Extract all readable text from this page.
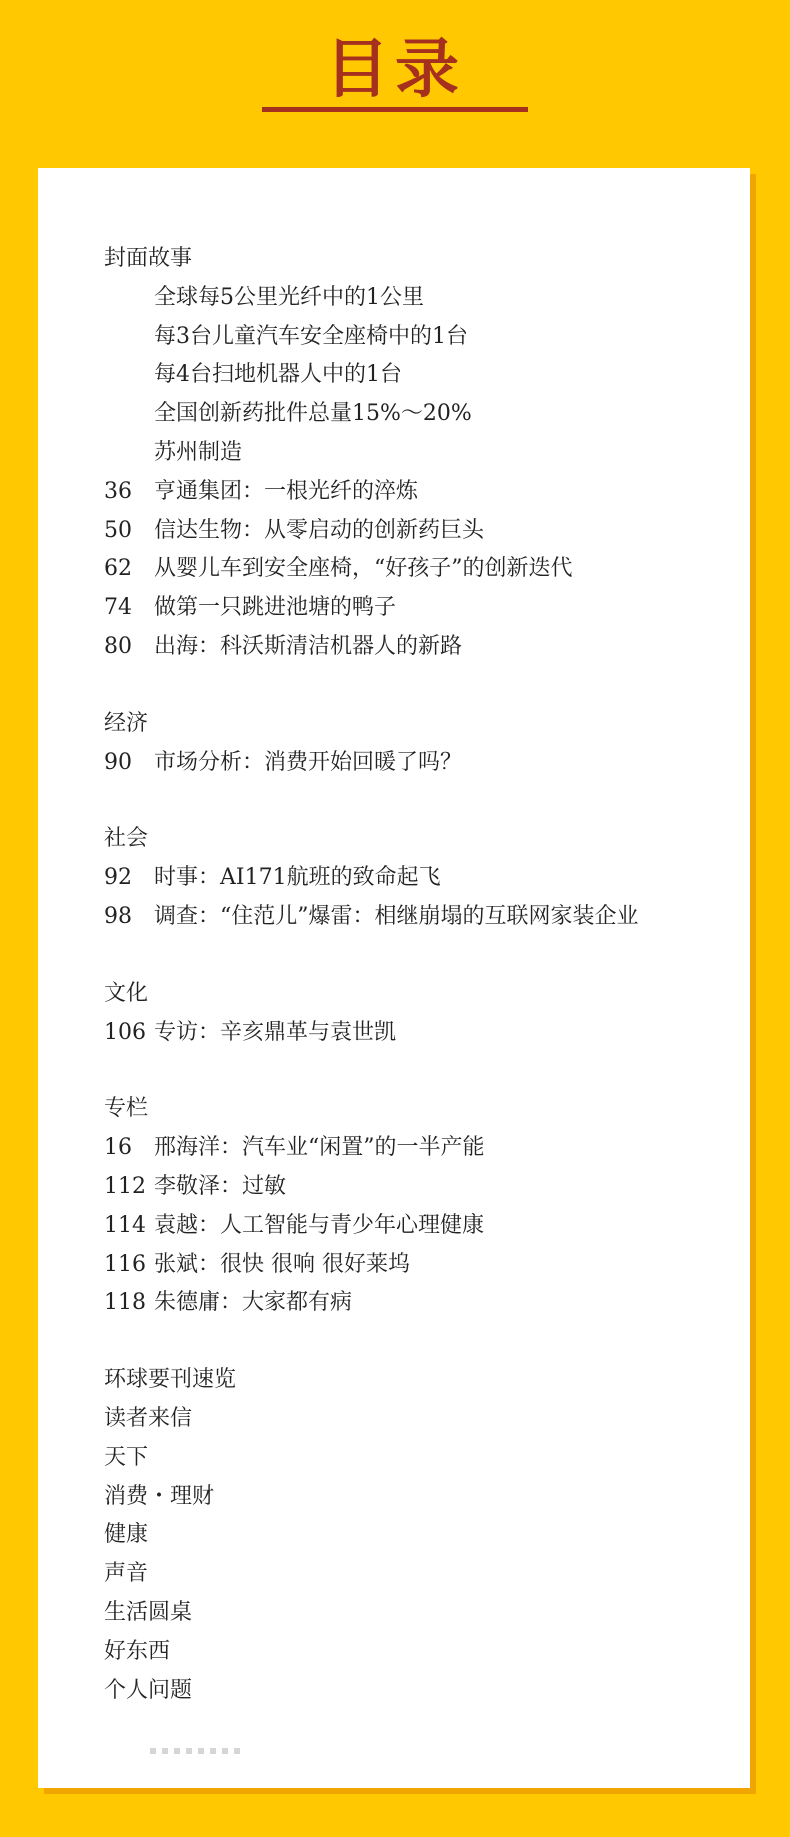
目录
封面故事
全球每5公里光纤中的1公里
每3台儿童汽车安全座椅中的1台
每4台扫地机器人中的1台
全国创新药批件总量15%～20%
苏州制造
36 亨通集团：一根光纤的淬炼
50 信达生物：从零启动的创新药巨头
62 从婴儿车到安全座椅，“好孩子”的创新迭代
74 做第一只跳进池塘的鸭子
80 出海：科沃斯清洁机器人的新路
经济
90 市场分析：消费开始回暖了吗？
社会
92 时事：AI171航班的致命起飞
98 调查：“住范儿”爆雷：相继崩塌的互联网家装企业
文化
106 专访：辛亥鼎革与袁世凯
专栏
16 邢海洋：汽车业“闲置”的一半产能
112 李敬泽：过敏
114 袁越：人工智能与青少年心理健康
116 张斌：很快 很响 很好莱坞
118 朱德庸：大家都有病
环球要刊速览
读者来信
天下
消费・理财
健康
声音
生活圆桌
好东西
个人问题
